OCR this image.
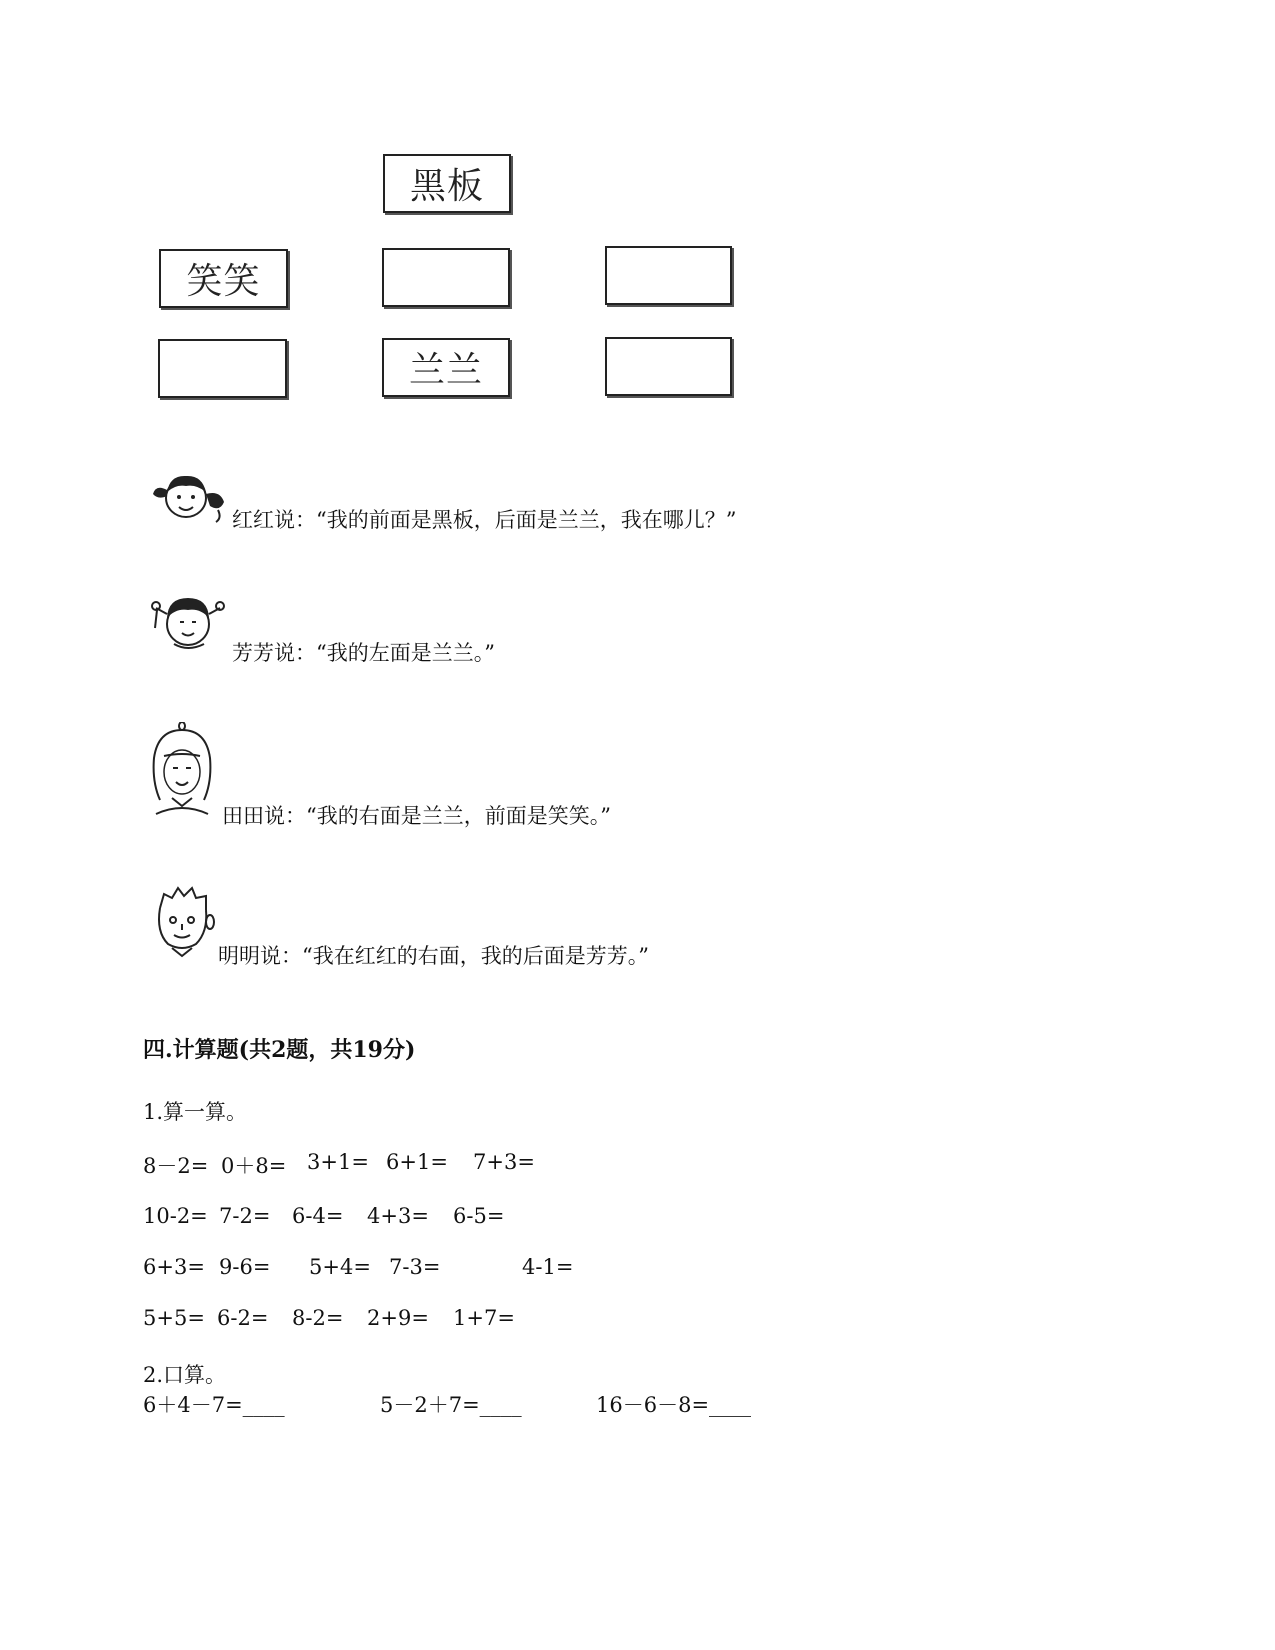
黑板
笑笑
兰兰
红红说：“我的前面是黑板，后面是兰兰，我在哪儿？”
芳芳说：“我的左面是兰兰。”
田田说：“我的右面是兰兰，前面是笑笑。”
明明说：“我在红红的右面，我的后面是芳芳。”
四.计算题(共2题，共19分)
1.算一算。
8－2= 0＋8= 3+1= 6+1= 7+3=
10-2= 7-2= 6-4= 4+3= 6-5=
6+3= 9-6= 5+4= 7-3=	4-1=
5+5= 6-2= 8-2= 2+9= 1+7=
2.口算。
6＋4－7=____	5－2＋7=____	16－6－8=____
